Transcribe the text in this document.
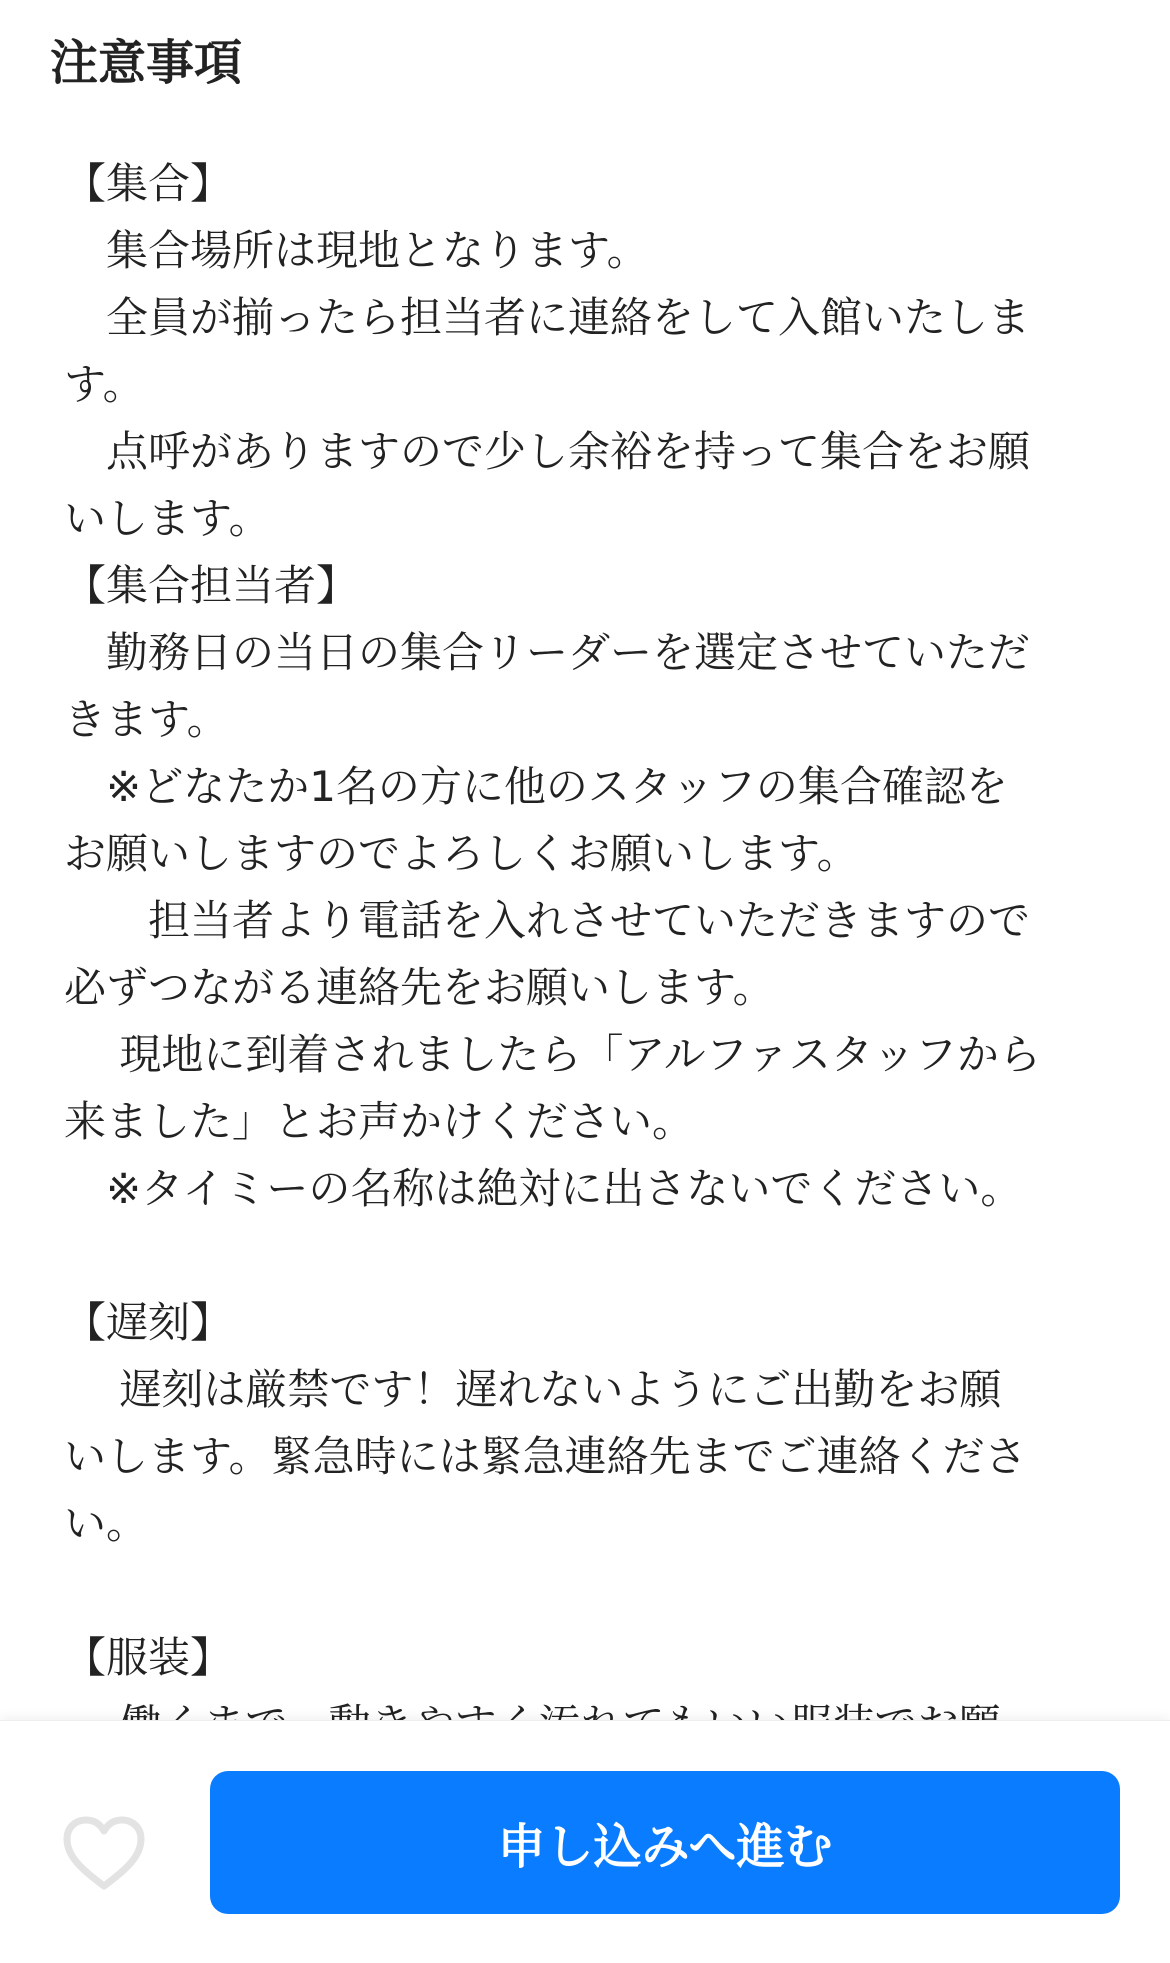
注意事項

【集合】

　集合場所は現地となります。

　全員が揃ったら担当者に連絡をして入館いたしま

す。

　点呼がありますので少し余裕を持って集合をお願

いします。

【集合担当者】

　勤務日の当日の集合リーダーを選定させていただ

きます。

　※どなたか1名の方に他のスタッフの集合確認を

お願いしますのでよろしくお願いします。

　　担当者より電話を入れさせていただきますので

必ずつながる連絡先をお願いします。

　 現地に到着されましたら「アルファスタッフから

来ました」とお声かけください。

　※タイミーの名称は絶対に出さないでください。

【遅刻】

　 遅刻は厳禁です！遅れないようにご出勤をお願

いします。緊急時には緊急連絡先までご連絡くださ

い。

【服装】

申し込みへ進む
